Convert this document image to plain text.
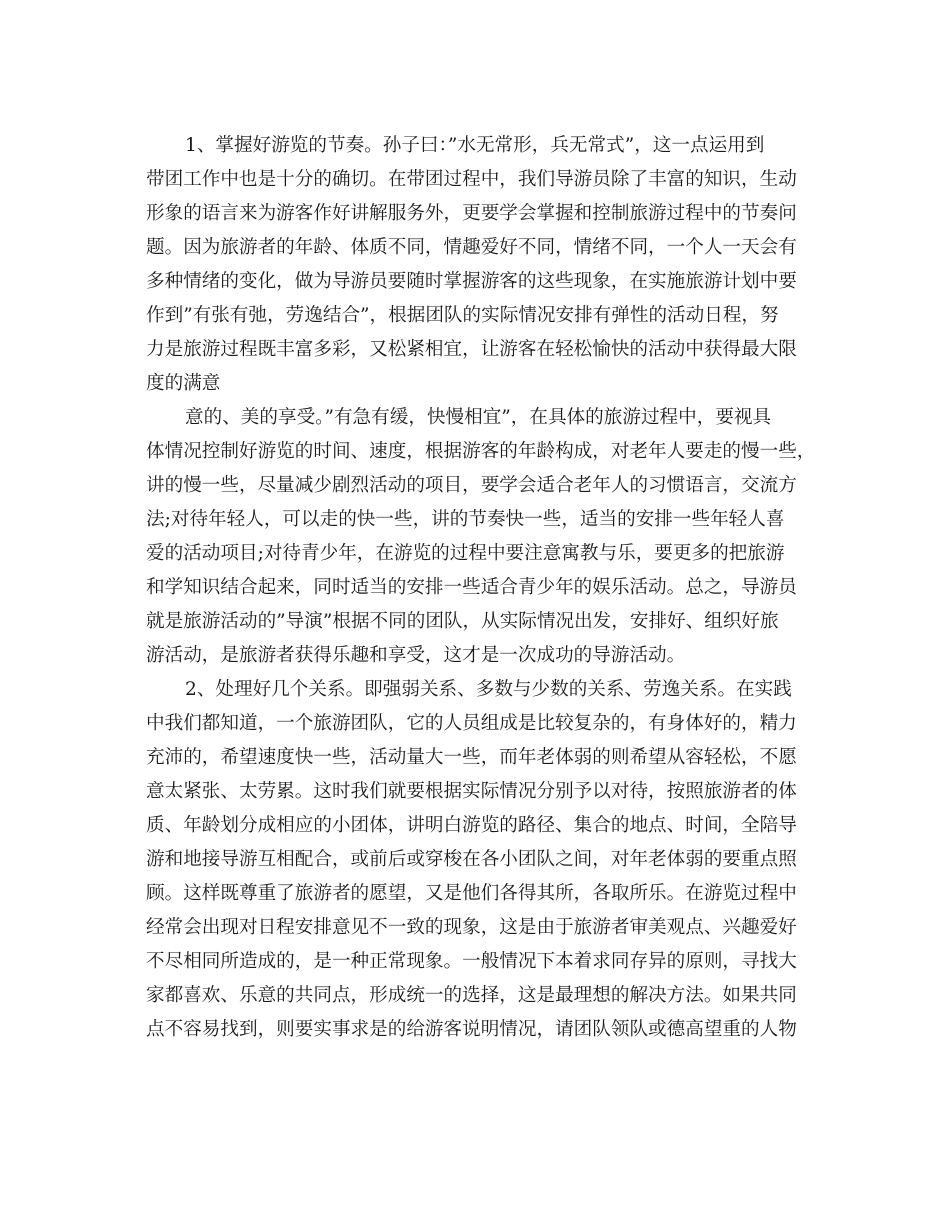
1、掌握好游览的节奏。孙子曰：”水无常形，兵无常式”，这一点运用到
带团工作中也是十分的确切。在带团过程中，我们导游员除了丰富的知识，生动
形象的语言来为游客作好讲解服务外，更要学会掌握和控制旅游过程中的节奏问
题。因为旅游者的年龄、体质不同，情趣爱好不同，情绪不同，一个人一天会有
多种情绪的变化，做为导游员要随时掌握游客的这些现象，在实施旅游计划中要
作到”有张有弛，劳逸结合”，根据团队的实际情况安排有弹性的活动日程，努
力是旅游过程既丰富多彩，又松紧相宜，让游客在轻松愉快的活动中获得最大限
度的满意
意的、美的享受。”有急有缓，快慢相宜”，在具体的旅游过程中，要视具
体情况控制好游览的时间、速度，根据游客的年龄构成，对老年人要走的慢一些，
讲的慢一些，尽量减少剧烈活动的项目，要学会适合老年人的习惯语言，交流方
法;对待年轻人，可以走的快一些，讲的节奏快一些，适当的安排一些年轻人喜
爱的活动项目;对待青少年，在游览的过程中要注意寓教与乐，要更多的把旅游
和学知识结合起来，同时适当的安排一些适合青少年的娱乐活动。总之，导游员
就是旅游活动的”导演”根据不同的团队，从实际情况出发，安排好、组织好旅
游活动，是旅游者获得乐趣和享受，这才是一次成功的导游活动。
2、处理好几个关系。即强弱关系、多数与少数的关系、劳逸关系。在实践
中我们都知道，一个旅游团队，它的人员组成是比较复杂的，有身体好的，精力
充沛的，希望速度快一些，活动量大一些，而年老体弱的则希望从容轻松，不愿
意太紧张、太劳累。这时我们就要根据实际情况分别予以对待，按照旅游者的体
质、年龄划分成相应的小团体，讲明白游览的路径、集合的地点、时间，全陪导
游和地接导游互相配合，或前后或穿梭在各小团队之间，对年老体弱的要重点照
顾。这样既尊重了旅游者的愿望，又是他们各得其所，各取所乐。在游览过程中
经常会出现对日程安排意见不一致的现象，这是由于旅游者审美观点、兴趣爱好
不尽相同所造成的，是一种正常现象。一般情况下本着求同存异的原则，寻找大
家都喜欢、乐意的共同点，形成统一的选择，这是最理想的解决方法。如果共同
点不容易找到，则要实事求是的给游客说明情况，请团队领队或德高望重的人物
